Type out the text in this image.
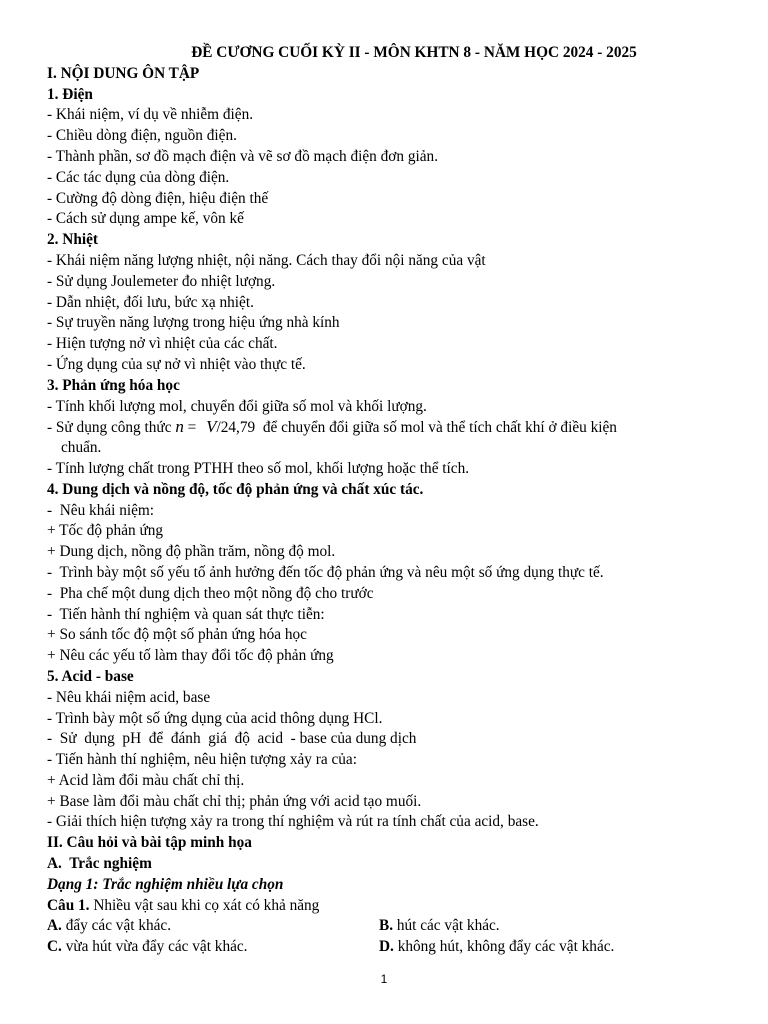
ĐỀ CƯƠNG CUỐI KỲ II - MÔN KHTN 8 - NĂM HỌC 2024 - 2025
I. NỘI DUNG ÔN TẬP
1. Điện
- Khái niệm, ví dụ về nhiễm điện.
- Chiều dòng điện, nguồn điện.
- Thành phần, sơ đồ mạch điện và vẽ sơ đồ mạch điện đơn giản.
- Các tác dụng của dòng điện.
- Cường độ dòng điện, hiệu điện thế
- Cách sử dụng ampe kế, vôn kế
2. Nhiệt
- Khái niệm năng lượng nhiệt, nội năng. Cách thay đổi nội năng của vật
- Sử dụng Joulemeter đo nhiệt lượng.
- Dẫn nhiệt, đối lưu, bức xạ nhiệt.
- Sự truyền năng lượng trong hiệu ứng nhà kính
- Hiện tượng nở vì nhiệt của các chất.
- Ứng dụng của sự nở vì nhiệt vào thực tế.
3. Phản ứng hóa học
- Tính khối lượng mol, chuyển đổi giữa số mol và khối lượng.
- Sử dụng công thức n = V/24,79  để chuyển đổi giữa số mol và thể tích chất khí ở điều kiện
chuẩn.
- Tính lượng chất trong PTHH theo số mol, khối lượng hoặc thể tích.
4. Dung dịch và nồng độ, tốc độ phản ứng và chất xúc tác.
-  Nêu khái niệm:
+ Tốc độ phản ứng
+ Dung dịch, nồng độ phần trăm, nồng độ mol.
-  Trình bày một số yếu tố ảnh hưởng đến tốc độ phản ứng và nêu một số ứng dụng thực tế.
-  Pha chế một dung dịch theo một nồng độ cho trước
-  Tiến hành thí nghiệm và quan sát thực tiễn:
+ So sánh tốc độ một số phản ứng hóa học
+ Nêu các yếu tố làm thay đổi tốc độ phản ứng
5. Acid - base
- Nêu khái niệm acid, base
- Trình bày một số ứng dụng của acid thông dụng HCl.
-  Sử  dụng  pH  để  đánh  giá  độ  acid  - base của dung dịch
- Tiến hành thí nghiệm, nêu hiện tượng xảy ra của:
+ Acid làm đổi màu chất chỉ thị.
+ Base làm đổi màu chất chỉ thị; phản ứng với acid tạo muối.
- Giải thích hiện tượng xảy ra trong thí nghiệm và rút ra tính chất của acid, base.
II. Câu hỏi và bài tập minh họa
A.  Trắc nghiệm
Dạng 1: Trắc nghiệm nhiều lựa chọn
Câu 1. Nhiều vật sau khi cọ xát có khả năng
A. đẩy các vật khác.	B. hút các vật khác.
C. vừa hút vừa đẩy các vật khác.	D. không hút, không đẩy các vật khác.
1
